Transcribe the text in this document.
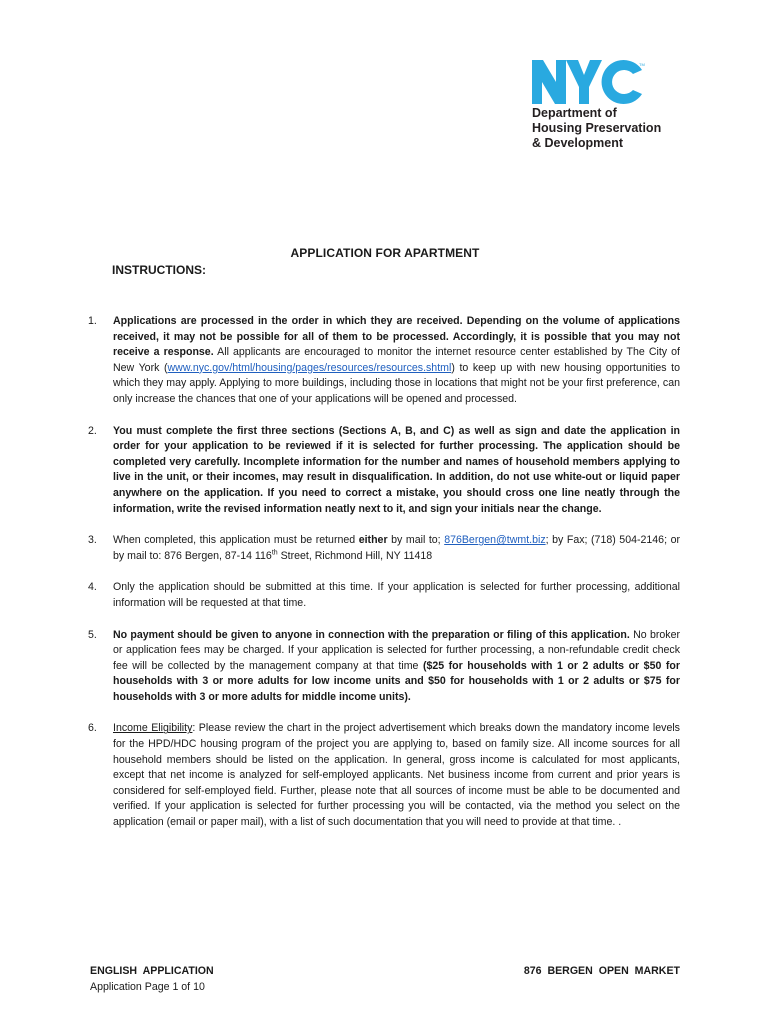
TM
Department of
Housing Preservation
& Development
APPLICATION FOR APARTMENT
INSTRUCTIONS:
1. Applications are processed in the order in which they are received. Depending on the volume of applications received, it may not be possible for all of them to be processed. Accordingly, it is possible that you may not receive a response. All applicants are encouraged to monitor the internet resource center established by The City of New York (www.nyc.gov/html/housing/pages/resources/resources.shtml) to keep up with new housing opportunities to which they may apply. Applying to more buildings, including those in locations that might not be your first preference, can only increase the chances that one of your applications will be opened and processed.
2. You must complete the first three sections (Sections A, B, and C) as well as sign and date the application in order for your application to be reviewed if it is selected for further processing. The application should be completed very carefully. Incomplete information for the number and names of household members applying to live in the unit, or their incomes, may result in disqualification. In addition, do not use white-out or liquid paper anywhere on the application. If you need to correct a mistake, you should cross one line neatly through the information, write the revised information neatly next to it, and sign your initials near the change.
3. When completed, this application must be returned either by mail to; 876Bergen@twmt.biz; by Fax; (718) 504-2146; or by mail to: 876 Bergen, 87-14 116th Street, Richmond Hill, NY 11418
4. Only the application should be submitted at this time. If your application is selected for further processing, additional information will be requested at that time.
5. No payment should be given to anyone in connection with the preparation or filing of this application. No broker or application fees may be charged. If your application is selected for further processing, a non-refundable credit check fee will be collected by the management company at that time ($25 for households with 1 or 2 adults or $50 for households with 3 or more adults for low income units and $50 for households with 1 or 2 adults or $75 for households with 3 or more adults for middle income units).
6. Income Eligibility: Please review the chart in the project advertisement which breaks down the mandatory income levels for the HPD/HDC housing program of the project you are applying to, based on family size. All income sources for all household members should be listed on the application. In general, gross income is calculated for most applicants, except that net income is analyzed for self-employed applicants. Net business income from current and prior years is considered for self-employed field. Further, please note that all sources of income must be able to be documented and verified. If your application is selected for further processing you will be contacted, via the method you select on the application (email or paper mail), with a list of such documentation that you will need to provide at that time. .
ENGLISH APPLICATION
Application Page 1 of 10
876 BERGEN OPEN MARKET
